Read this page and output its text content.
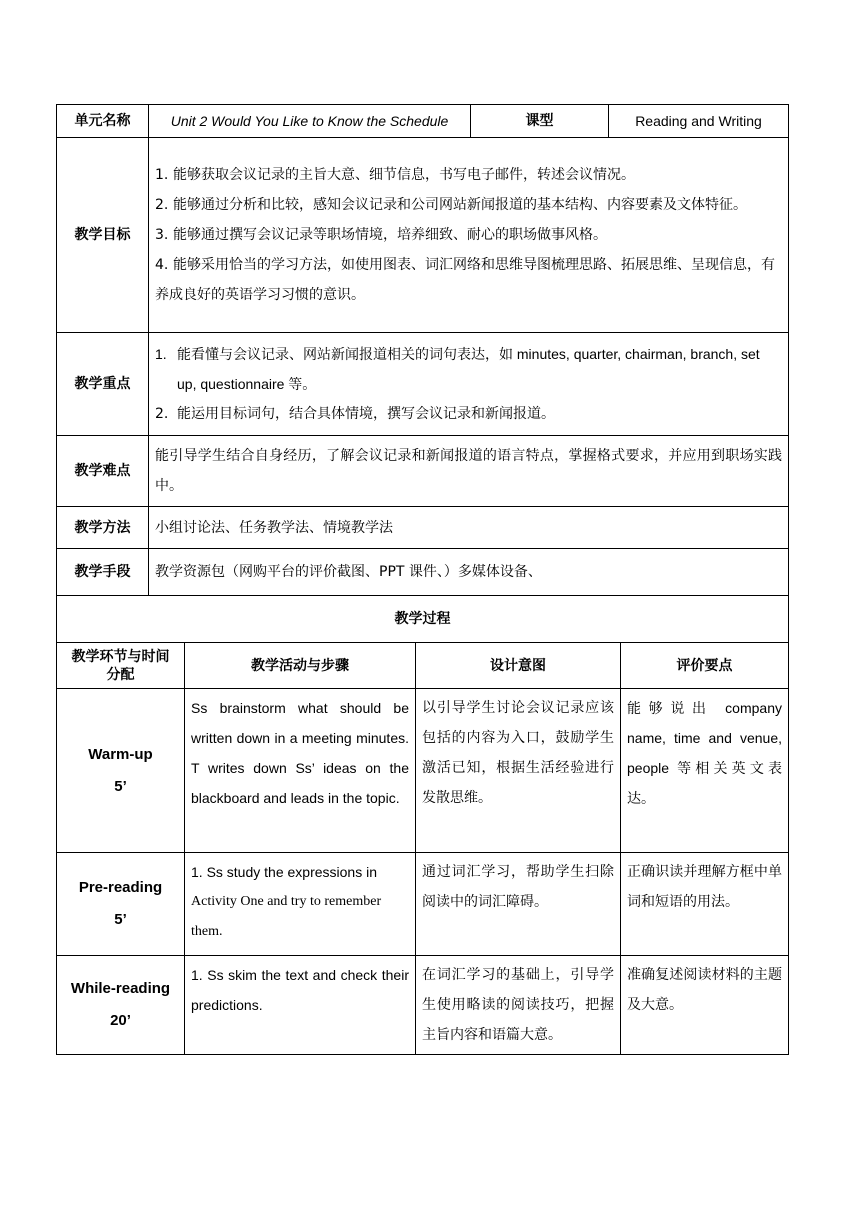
单元名称	Unit 2 Would You Like to Know the Schedule	课型	Reading and Writing
教学目标	1. 能够获取会议记录的主旨大意、细节信息，书写电子邮件，转述会议情况。
2. 能够通过分析和比较，感知会议记录和公司网站新闻报道的基本结构、内容要素及文体特征。
3. 能够通过撰写会议记录等职场情境，培养细致、耐心的职场做事风格。
4. 能够采用恰当的学习方法，如使用图表、词汇网络和思维导图梳理思路、拓展思维、呈现信息，有养成良好的英语学习习惯的意识。		

教学重点	1. 能看懂与会议记录、网站新闻报道相关的词句表达，如 minutes, quarter, chairman, branch, set up, questionnaire 等。
2. 能运用目标词句，结合具体情境，撰写会议记录和新闻报道。		

教学难点	能引导学生结合自身经历，了解会议记录和新闻报道的语言特点，掌握格式要求，并应用到职场实践中。		
教学方法	小组讨论法、任务教学法、情境教学法		
教学手段	教学资源包（网购平台的评价截图、PPT 课件、）多媒体设备、		
教学过程			
教学环节与时间分配	教学活动与步骤	设计意图	评价要点

Warm-up
5’	Ss brainstorm what should be written down in a meeting minutes. T writes down Ss’ ideas on the blackboard and leads in the topic.	以引导学生讨论会议记录应该包括的内容为入口，鼓励学生激活已知，根据生活经验进行发散思维。	能够说出 company name, time and venue, people 等相关英文表达。

Pre-reading
5’	1. Ss study the expressions in
Activity One and try to remember
them.	通过词汇学习，帮助学生扫除阅读中的词汇障碍。	正确识读并理解方框中单词和短语的用法。

While-reading
20’	1. Ss skim the text and check their predictions.	在词汇学习的基础上，引导学生使用略读的阅读技巧，把握主旨内容和语篇大意。	准确复述阅读材料的主题及大意。
